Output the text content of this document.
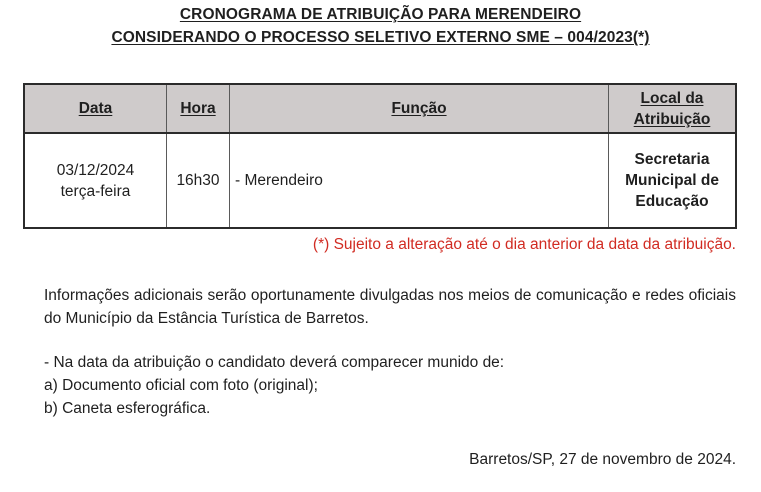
CRONOGRAMA DE ATRIBUIÇÃO PARA MERENDEIRO
CONSIDERANDO O PROCESSO SELETIVO EXTERNO SME – 004/2023(*)
Data	Hora	Função	Local da
Atribuição

03/12/2024
terça-feira	16h30	- Merendeiro	Secretaria
Municipal de
Educação
(*) Sujeito a alteração até o dia anterior da data da atribuição.
Informações adicionais serão oportunamente divulgadas nos meios de comunicação e redes oficiais do Município da Estância Turística de Barretos.
- Na data da atribuição o candidato deverá comparecer munido de:
a) Documento oficial com foto (original);
b) Caneta esferográfica.
Barretos/SP, 27 de novembro de 2024.
